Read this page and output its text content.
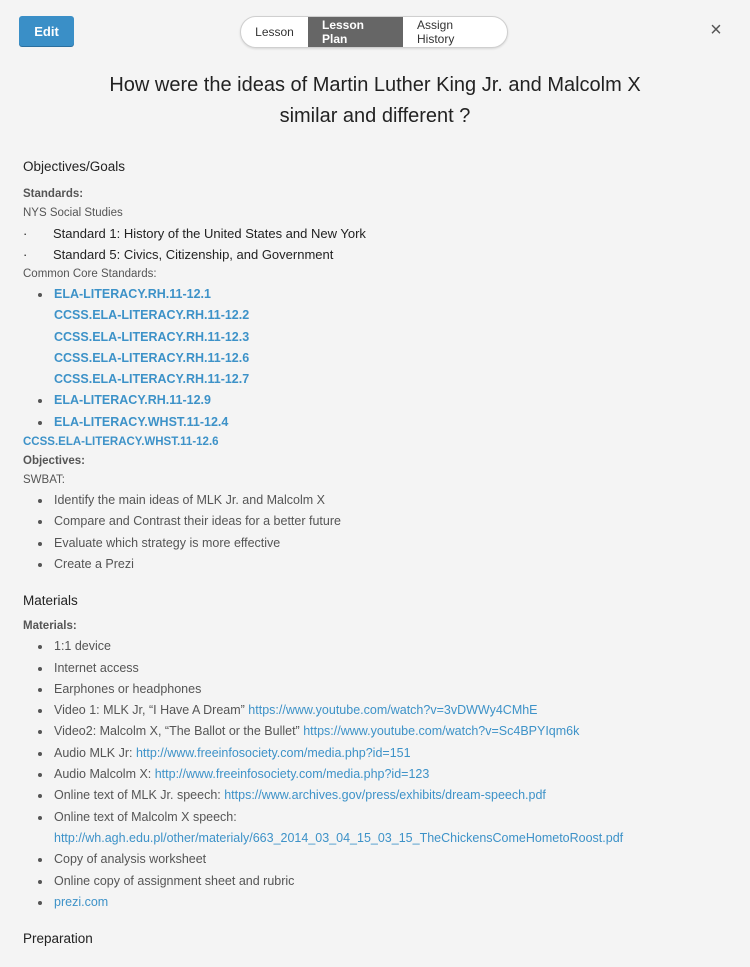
Edit	Lesson	Lesson Plan
Assign History	×
How were the ideas of Martin Luther King Jr. and Malcolm X
similar and different ?
Objectives/Goals
Standards:
NYS Social Studies
·	Standard 1: History of the United States and New York
·	Standard 5: Civics, Citizenship, and Government
Common Core Standards:
ELA-LITERACY.RH.11-12.1
CCSS.ELA-LITERACY.RH.11-12.2
CCSS.ELA-LITERACY.RH.11-12.3
CCSS.ELA-LITERACY.RH.11-12.6
CCSS.ELA-LITERACY.RH.11-12.7
ELA-LITERACY.RH.11-12.9
ELA-LITERACY.WHST.11-12.4
CCSS.ELA-LITERACY.WHST.11-12.6
Objectives:
SWBAT:
Identify the main ideas of MLK Jr. and Malcolm X
Compare and Contrast their ideas for a better future
Evaluate which strategy is more effective
Create a Prezi
Materials
Materials:
1:1 device
Internet access
Earphones or headphones
Video 1: MLK Jr, “I Have A Dream” https://www.youtube.com/watch?v=3vDWWy4CMhE
Video2: Malcolm X, “The Ballot or the Bullet” https://www.youtube.com/watch?v=Sc4BPYIqm6k
Audio MLK Jr: http://www.freeinfosociety.com/media.php?id=151
Audio Malcolm X: http://www.freeinfosociety.com/media.php?id=123
Online text of MLK Jr. speech: https://www.archives.gov/press/exhibits/dream-speech.pdf
Online text of Malcolm X speech:
http://wh.agh.edu.pl/other/materialy/663_2014_03_04_15_03_15_TheChickensComeHometoRoost.pdf
Copy of analysis worksheet
Online copy of assignment sheet and rubric
prezi.com
Preparation
